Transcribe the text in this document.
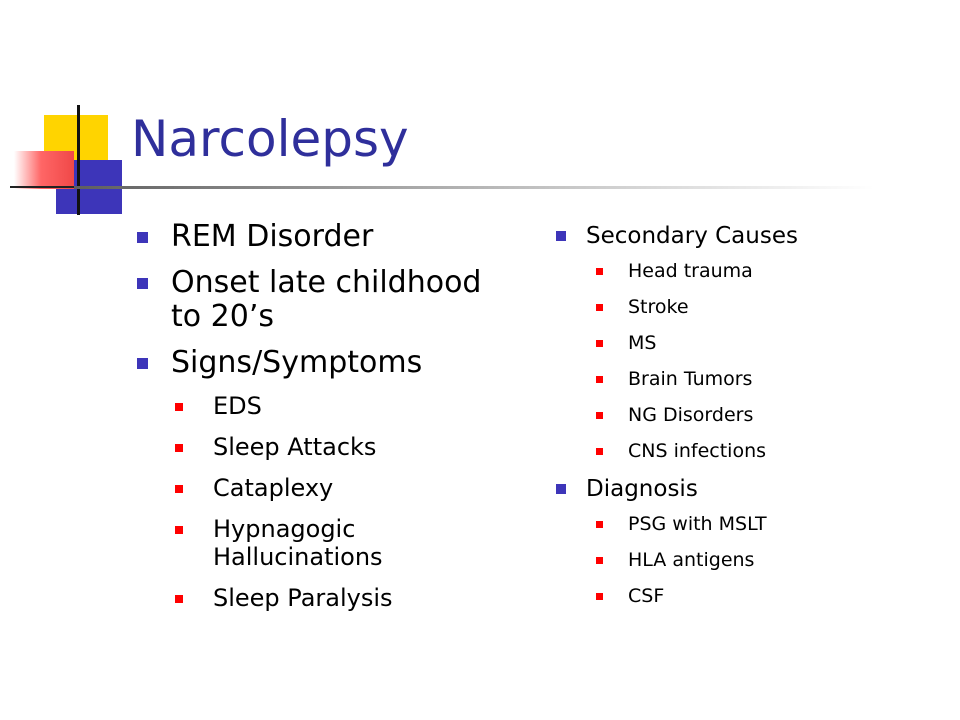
Narcolepsy
REM Disorder
Onset late childhood to 20’s
Signs/Symptoms
EDS
Sleep Attacks
Cataplexy
Hypnagogic Hallucinations
Sleep Paralysis
Secondary Causes
Head trauma
Stroke
MS
Brain Tumors
NG Disorders
CNS infections
Diagnosis
PSG with MSLT
HLA antigens
CSF
